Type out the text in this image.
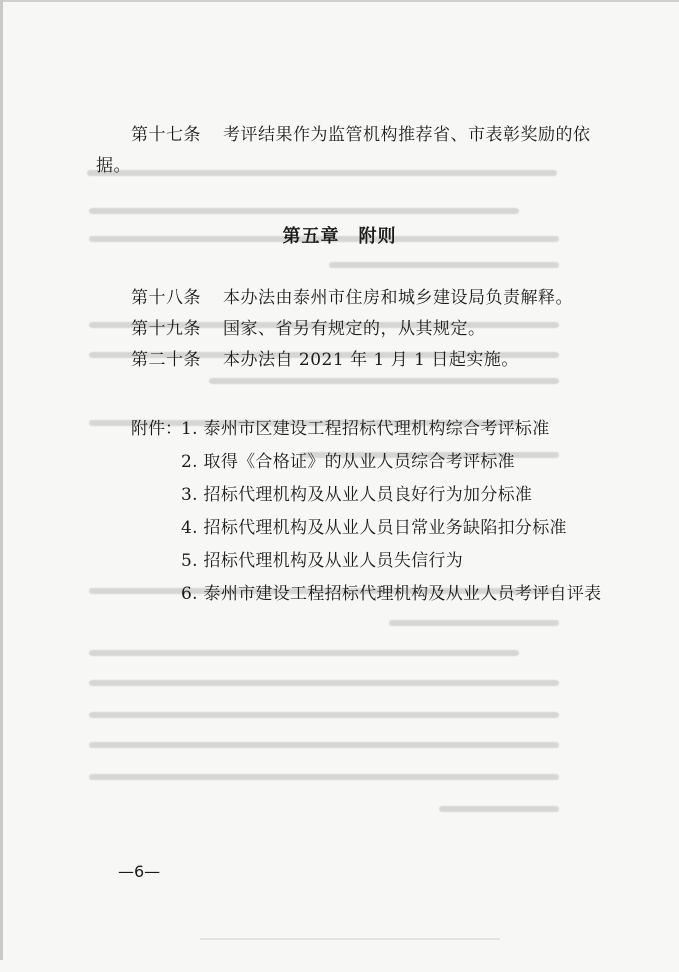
第十七条 考评结果作为监管机构推荐省、市表彰奖励的依
据。
第五章　附则
第十八条 本办法由泰州市住房和城乡建设局负责解释。
第十九条 国家、省另有规定的，从其规定。
第二十条 本办法自 2021 年 1 月 1 日起实施。
附件： 1. 泰州市区建设工程招标代理机构综合考评标准
2. 取得《合格证》的从业人员综合考评标准
3. 招标代理机构及从业人员良好行为加分标准
4. 招标代理机构及从业人员日常业务缺陷扣分标准
5. 招标代理机构及从业人员失信行为
6. 泰州市建设工程招标代理机构及从业人员考评自评表
—6—
